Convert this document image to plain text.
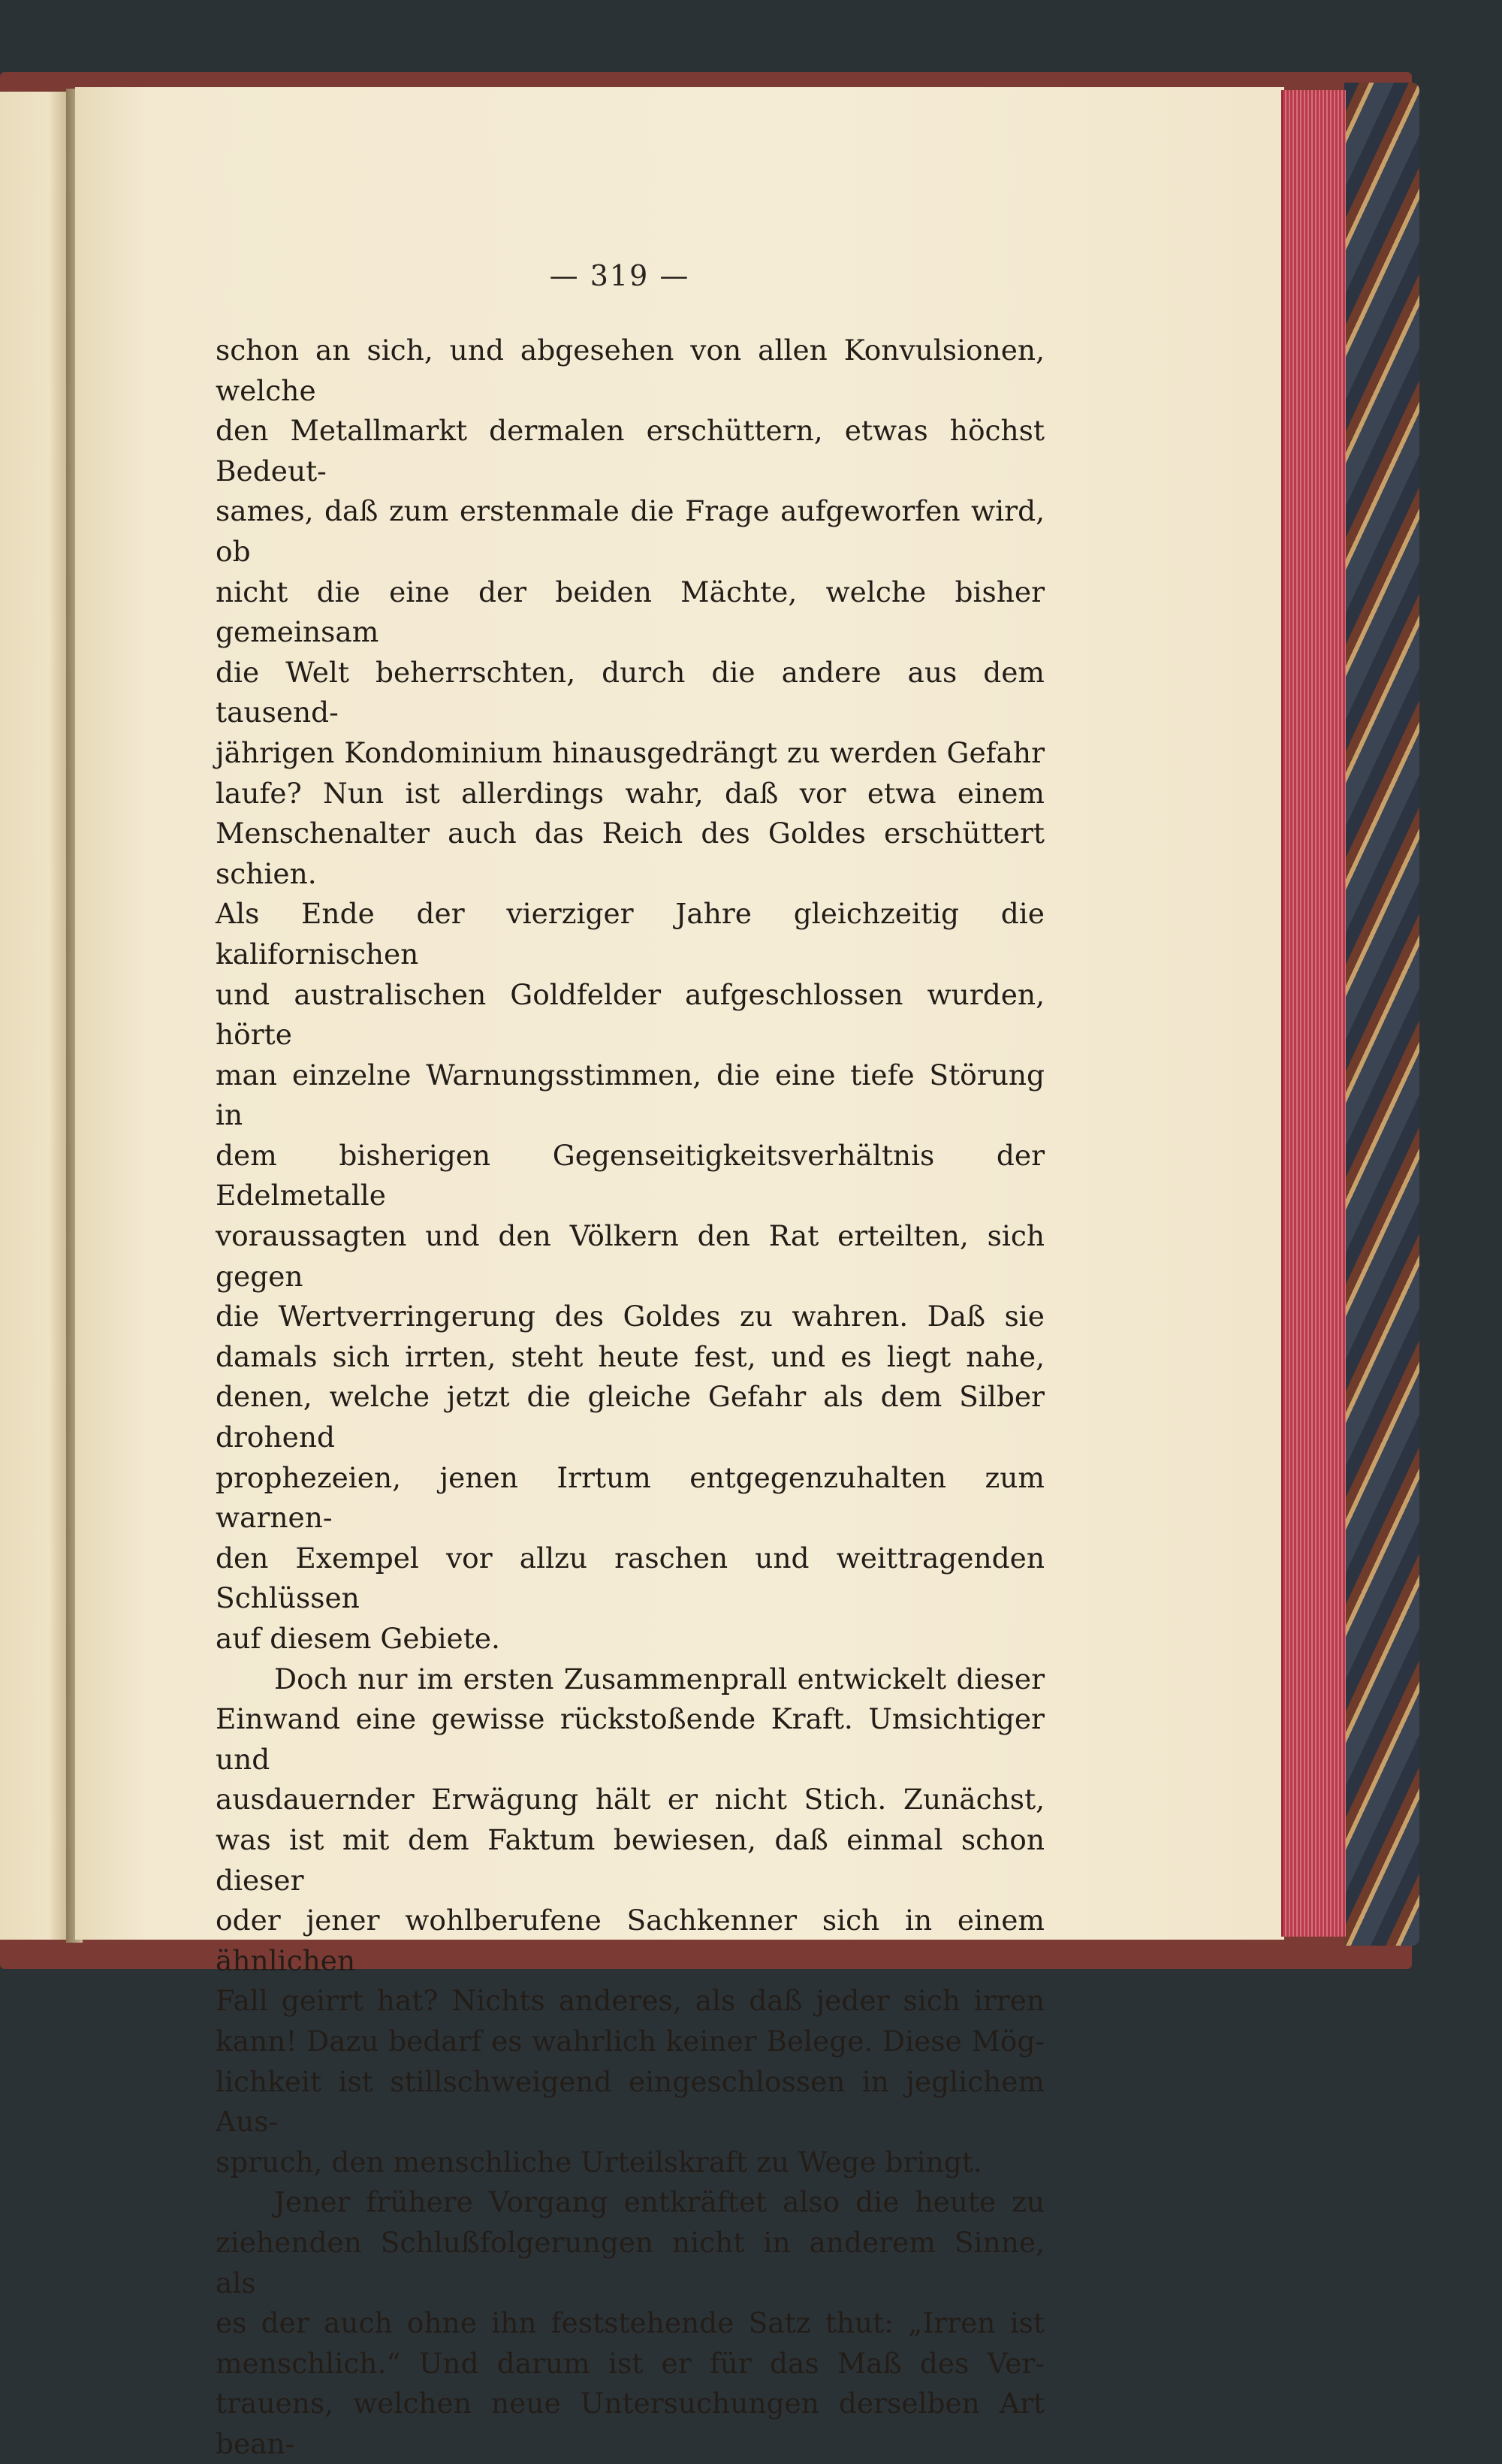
— 319 —

schon an sich, und abgesehen von allen Konvulsionen, welche

den Metallmarkt dermalen erschüttern, etwas höchst Bedeut-

sames, daß zum erstenmale die Frage aufgeworfen wird, ob

nicht die eine der beiden Mächte, welche bisher gemeinsam

die Welt beherrschten, durch die andere aus dem tausend-

jährigen Kondominium hinausgedrängt zu werden Gefahr

laufe? Nun ist allerdings wahr, daß vor etwa einem

Menschenalter auch das Reich des Goldes erschüttert schien.

Als Ende der vierziger Jahre gleichzeitig die kalifornischen

und australischen Goldfelder aufgeschlossen wurden, hörte

man einzelne Warnungsstimmen, die eine tiefe Störung in

dem bisherigen Gegenseitigkeitsverhältnis der Edelmetalle

voraussagten und den Völkern den Rat erteilten, sich gegen

die Wertverringerung des Goldes zu wahren. Daß sie

damals sich irrten, steht heute fest, und es liegt nahe,

denen, welche jetzt die gleiche Gefahr als dem Silber drohend

prophezeien, jenen Irrtum entgegenzuhalten zum warnen-

den Exempel vor allzu raschen und weittragenden Schlüssen

auf diesem Gebiete.

Doch nur im ersten Zusammenprall entwickelt dieser

Einwand eine gewisse rückstoßende Kraft. Umsichtiger und

ausdauernder Erwägung hält er nicht Stich. Zunächst,

was ist mit dem Faktum bewiesen, daß einmal schon dieser

oder jener wohlberufene Sachkenner sich in einem ähnlichen

Fall geirrt hat? Nichts anderes, als daß jeder sich irren

kann! Dazu bedarf es wahrlich keiner Belege. Diese Mög-

lichkeit ist stillschweigend eingeschlossen in jeglichem Aus-

spruch, den menschliche Urteilskraft zu Wege bringt.

Jener frühere Vorgang entkräftet also die heute zu

ziehenden Schlußfolgerungen nicht in anderem Sinne, als

es der auch ohne ihn feststehende Satz thut: „Irren ist

menschlich.“ Und darum ist er für das Maß des Ver-

trauens, welchen neue Untersuchungen derselben Art bean-
